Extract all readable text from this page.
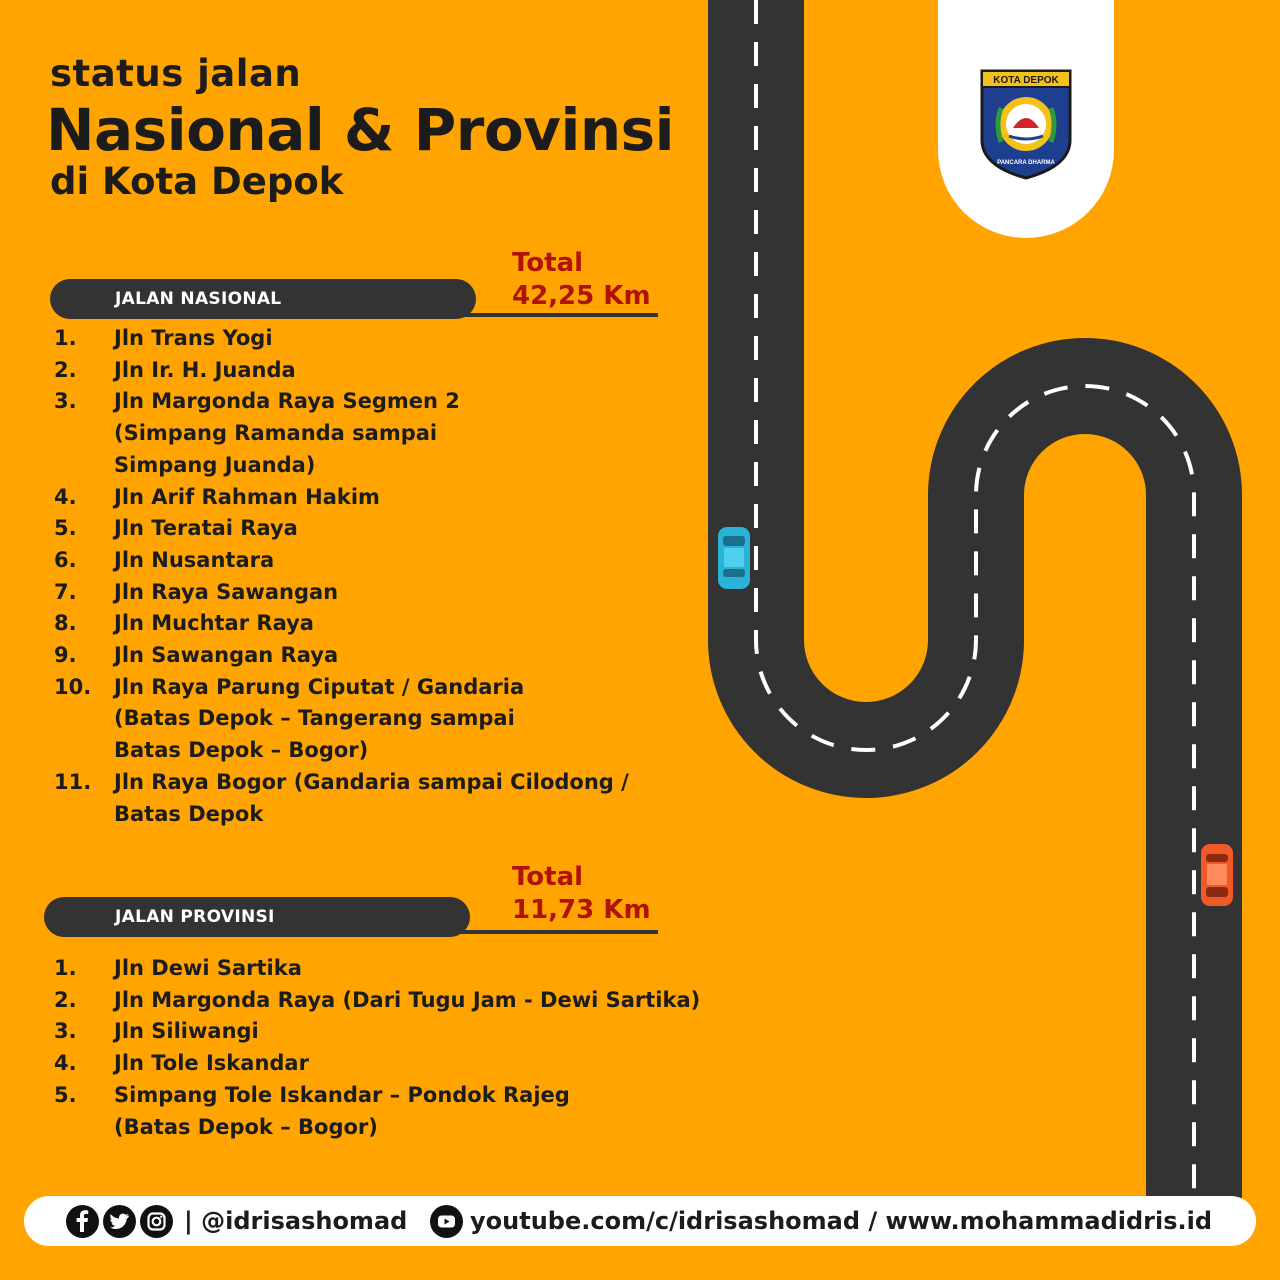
KOTA DEPOK
PANCARA DHARMA
status jalan
Nasional & Provinsi
di Kota Depok
JALAN NASIONAL
Total
42,25 Km
1.	Jln Trans Yogi
2.	Jln Ir. H. Juanda
3.	Jln Margonda Raya Segmen 2
(Simpang Ramanda sampai
Simpang Juanda)
4.	Jln Arif Rahman Hakim
5.	Jln Teratai Raya
6.	Jln Nusantara
7.	Jln Raya Sawangan
8.	Jln Muchtar Raya
9.	Jln Sawangan Raya
10.	Jln Raya Parung Ciputat / Gandaria
(Batas Depok – Tangerang sampai
Batas Depok – Bogor)
11.	Jln Raya Bogor (Gandaria sampai Cilodong /
Batas Depok
JALAN PROVINSI
Total
11,73 Km
1.	Jln Dewi Sartika
2.	Jln Margonda Raya (Dari Tugu Jam - Dewi Sartika)
3.	Jln Siliwangi
4.	Jln Tole Iskandar
5.	Simpang Tole Iskandar – Pondok Rajeg
(Batas Depok – Bogor)
| @idrisashomad	youtube.com/c/idrisashomad / www.mohammadidris.id
